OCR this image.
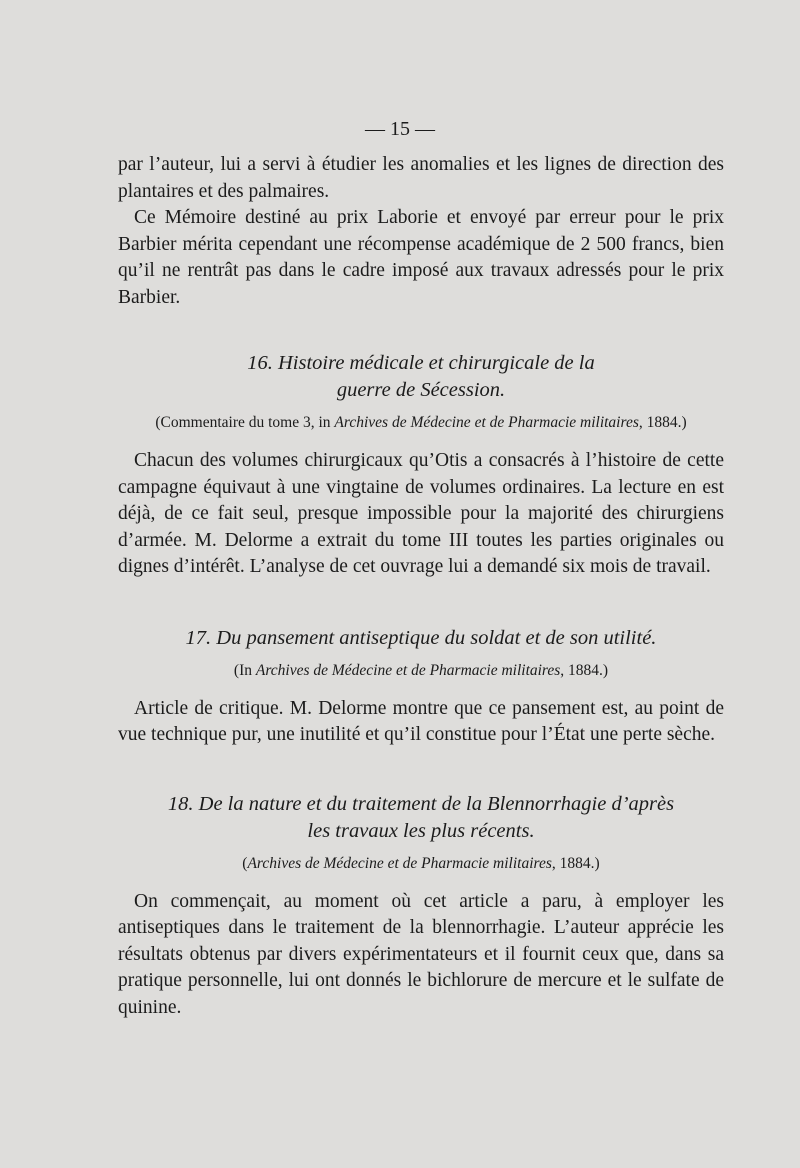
— 15 —

par l’auteur, lui a servi à étudier les anomalies et les lignes de direction des plantaires et des palmaires.

Ce Mémoire destiné au prix Laborie et envoyé par erreur pour le prix Barbier mérita cependant une récompense académique de 2 500 francs, bien qu’il ne rentrât pas dans le cadre imposé aux travaux adressés pour le prix Barbier.

16. Histoire médicale et chirurgicale de la

guerre de Sécession.

(Commentaire du tome 3, in Archives de Médecine et de Pharmacie militaires, 1884.)

Chacun des volumes chirurgicaux qu’Otis a consacrés à l’histoire de cette campagne équivaut à une vingtaine de volumes ordinaires. La lecture en est déjà, de ce fait seul, presque impossible pour la majorité des chirurgiens d’armée. M. Delorme a extrait du tome III toutes les parties originales ou dignes d’intérêt. L’analyse de cet ouvrage lui a demandé six mois de travail.

17. Du pansement antiseptique du soldat et de son utilité.

(In Archives de Médecine et de Pharmacie militaires, 1884.)

Article de critique. M. Delorme montre que ce pansement est, au point de vue technique pur, une inutilité et qu’il constitue pour l’État une perte sèche.

18. De la nature et du traitement de la Blennorrhagie d’après

les travaux les plus récents.

(Archives de Médecine et de Pharmacie militaires, 1884.)

On commençait, au moment où cet article a paru, à employer les antiseptiques dans le traitement de la blennorrhagie. L’auteur apprécie les résultats obtenus par divers expérimentateurs et il fournit ceux que, dans sa pratique personnelle, lui ont donnés le bichlorure de mercure et le sulfate de quinine.
